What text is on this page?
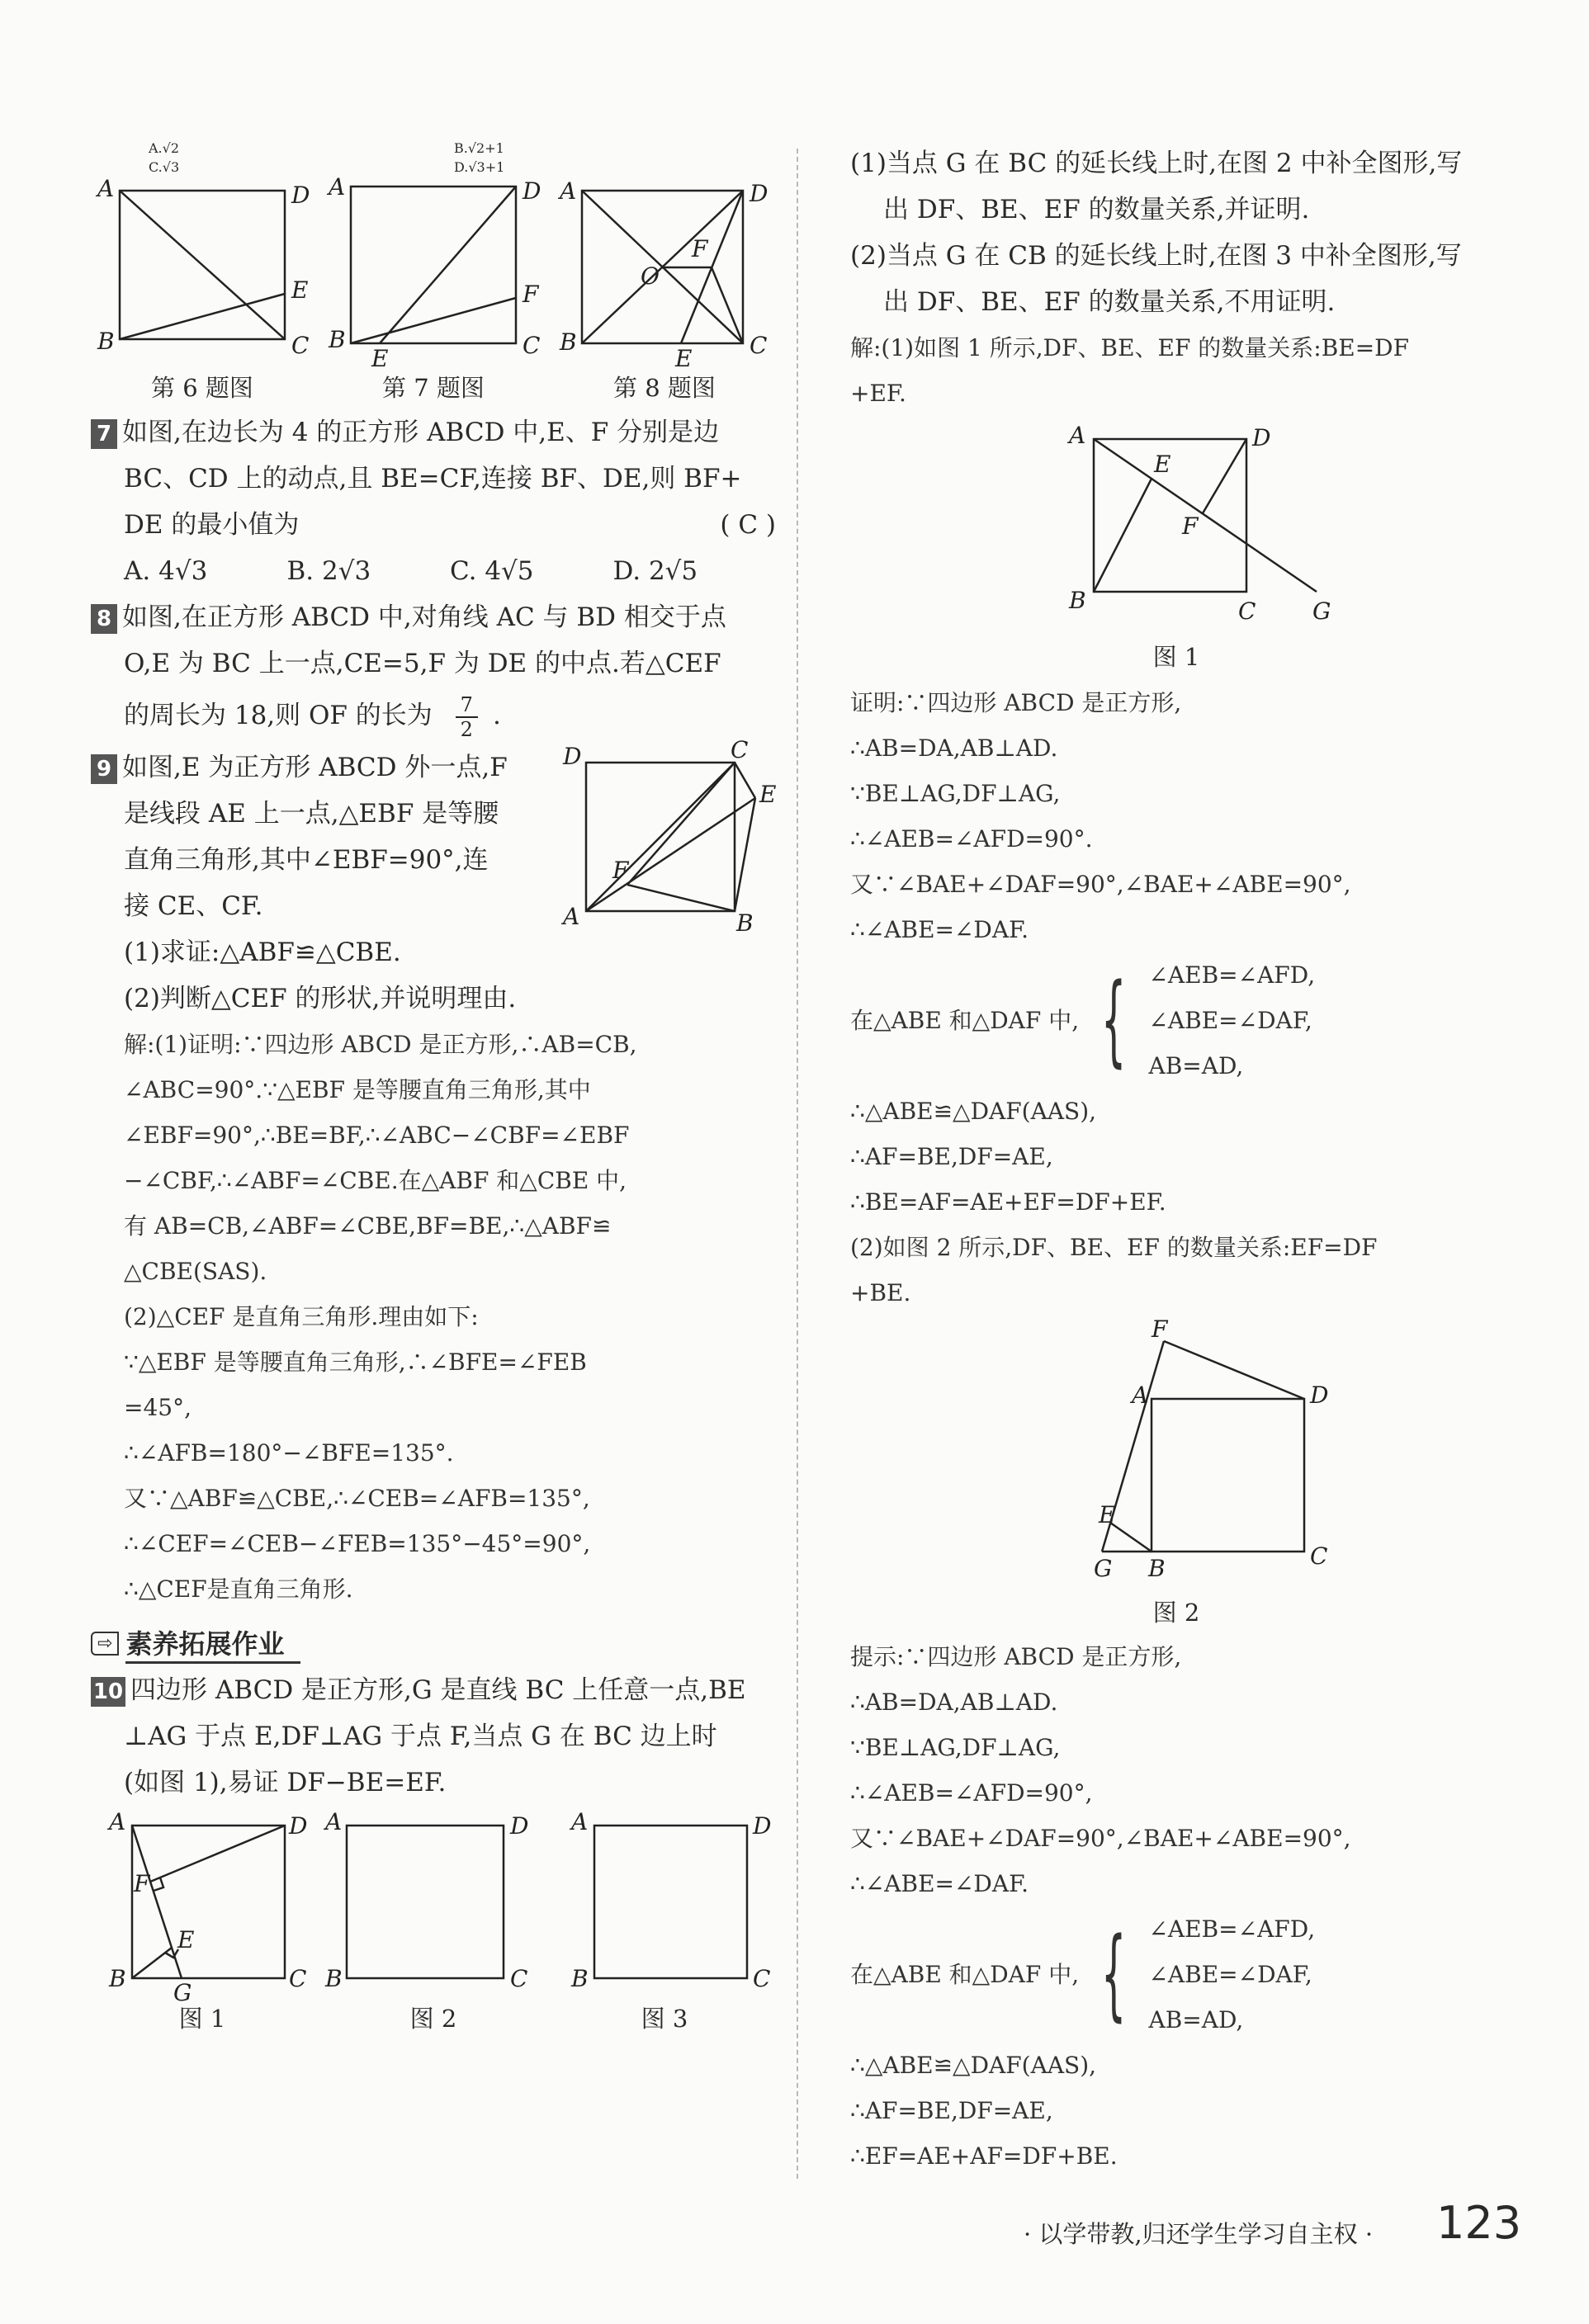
A.√2	B.√2+1
C.√3	D.√3+1
A	D
B	C
E
第 6 题图
A	D
B	C
E
F
第 7 题图
A	D
B	C
O
F
E
第 8 题图

7 如图,在边长为 4 的正方形 ABCD 中,E、F 分别是边

BC、CD 上的动点,且 BE=CF,连接 BF、DE,则 BF+

DE 的最小值为	( C )

A. 4√3	B. 2√3	C. 4√5	D. 2√5

8 如图,在正方形 ABCD 中,对角线 AC 与 BD 相交于点

O,E 为 BC 上一点,CE=5,F 为 DE 的中点.若△CEF

的周长为 18,则 OF 的长为 $\frac{7}{2}$ .

9 如图,E 为正方形 ABCD 外一点,F

是线段 AE 上一点,△EBF 是等腰

直角三角形,其中∠EBF=90°,连

接 CE、CF.

D	C
E
F
A	B

(1)求证:△ABF≌△CBE.

(2)判断△CEF 的形状,并说明理由.

解:(1)证明:∵四边形 ABCD 是正方形,∴AB=CB,

∠ABC=90°.∵△EBF 是等腰直角三角形,其中

∠EBF=90°,∴BE=BF,∴∠ABC−∠CBF=∠EBF

−∠CBF,∴∠ABF=∠CBE.在△ABF 和△CBE 中,

有 AB=CB,∠ABF=∠CBE,BF=BE,∴△ABF≌

△CBE(SAS).

(2)△CEF 是直角三角形.理由如下:

∵△EBF 是等腰直角三角形,∴∠BFE=∠FEB

=45°,

∴∠AFB=180°−∠BFE=135°.

又∵△ABF≌△CBE,∴∠CEB=∠AFB=135°,

∴∠CEF=∠CEB−∠FEB=135°−45°=90°,

∴△CEF是直角三角形.

⇨ 素养拓展作业

10 四边形 ABCD 是正方形,G 是直线 BC 上任意一点,BE

⊥AG 于点 E,DF⊥AG 于点 F,当点 G 在 BC 边上时

(如图 1),易证 DF−BE=EF.

A	D
F
E
B	C
G
图 1
A	D
B	C
图 2
A	D
B	C
图 3

(1)当点 G 在 BC 的延长线上时,在图 2 中补全图形,写

出 DF、BE、EF 的数量关系,并证明.

(2)当点 G 在 CB 的延长线上时,在图 3 中补全图形,写

出 DF、BE、EF 的数量关系,不用证明.

解:(1)如图 1 所示,DF、BE、EF 的数量关系:BE=DF

+EF.

A	D
E
F
B	C G
图 1

证明:∵四边形 ABCD 是正方形,

∴AB=DA,AB⊥AD.

∵BE⊥AG,DF⊥AG,

∴∠AEB=∠AFD=90°.

又∵∠BAE+∠DAF=90°,∠BAE+∠ABE=90°,

∴∠ABE=∠DAF.

在△ABE 和△DAF 中, { ∠AEB=∠AFD,

∠ABE=∠DAF,

AB=AD,

∴△ABE≌△DAF(AAS),

∴AF=BE,DF=AE,

∴BE=AF=AE+EF=DF+EF.

(2)如图 2 所示,DF、BE、EF 的数量关系:EF=DF

+BE.

F
A	D
E
G B	C
图 2

提示:∵四边形 ABCD 是正方形,

∴AB=DA,AB⊥AD.

∵BE⊥AG,DF⊥AG,

∴∠AEB=∠AFD=90°,

又∵∠BAE+∠DAF=90°,∠BAE+∠ABE=90°,

∴∠ABE=∠DAF.

在△ABE 和△DAF 中, { ∠AEB=∠AFD,

∠ABE=∠DAF,

AB=AD,

∴△ABE≌△DAF(AAS),

∴AF=BE,DF=AE,

∴EF=AE+AF=DF+BE.

· 以学带教,归还学生学习自主权 · 123
